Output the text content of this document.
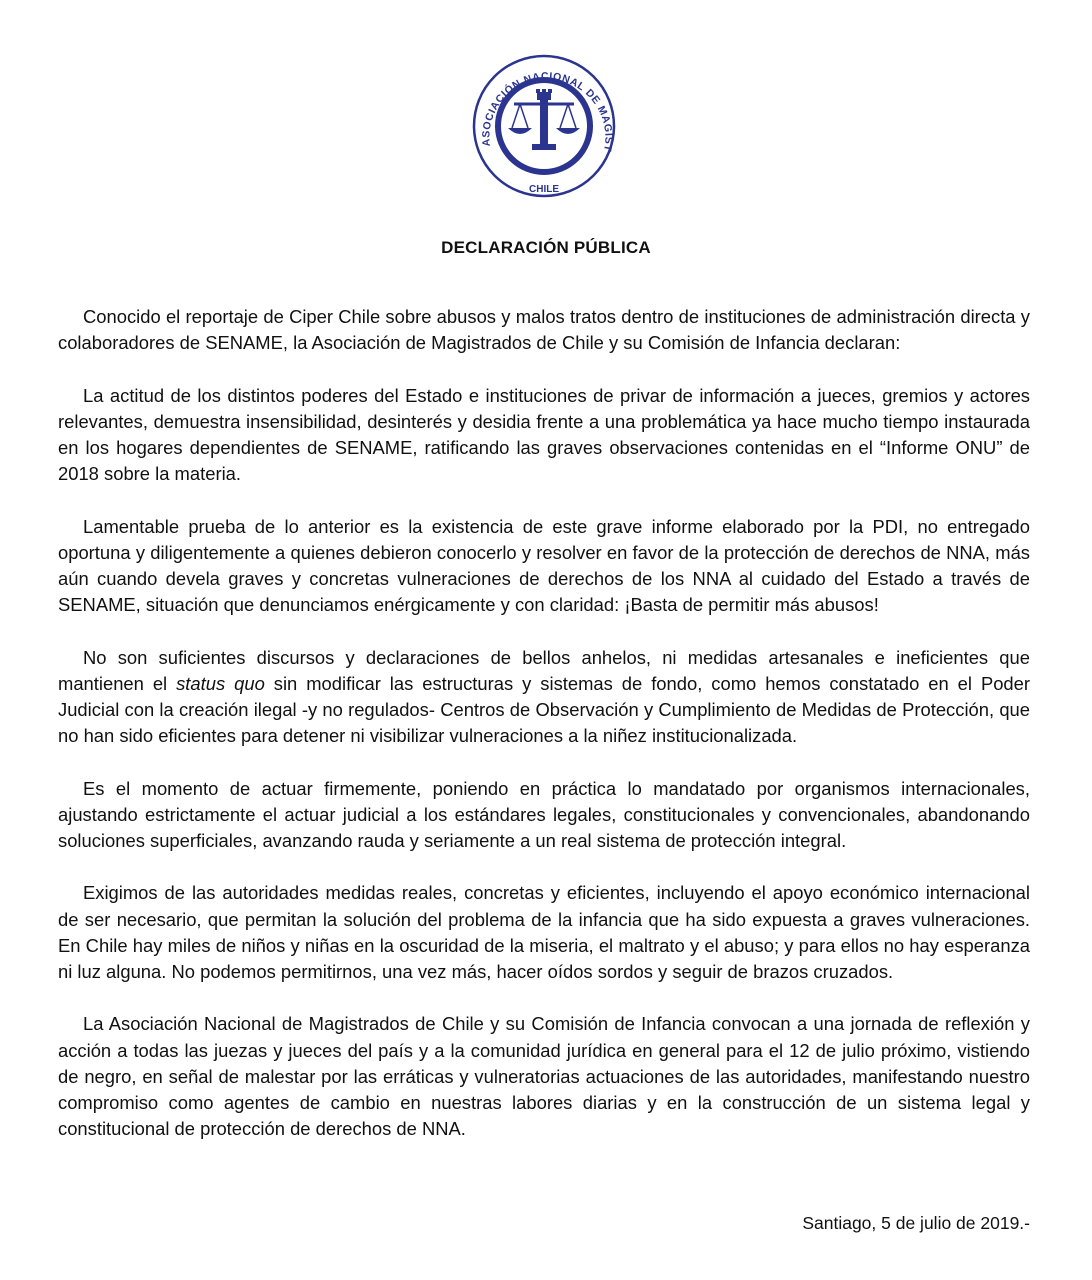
ASOCIACIÓN NACIONAL DE MAGIST
CHILE
DECLARACIÓN PÚBLICA

Conocido el reportaje de Ciper Chile sobre abusos y malos tratos dentro de instituciones de administración directa y colaboradores de SENAME, la Asociación de Magistrados de Chile y su Comisión de Infancia declaran:

La actitud de los distintos poderes del Estado e instituciones de privar de información a jueces, gremios y actores relevantes, demuestra insensibilidad, desinterés y desidia frente a una problemática ya hace mucho tiempo instaurada en los hogares dependientes de SENAME, ratificando las graves observaciones contenidas en el “Informe ONU” de 2018 sobre la materia.

Lamentable prueba de lo anterior es la existencia de este grave informe elaborado por la PDI, no entregado oportuna y diligentemente a quienes debieron conocerlo y resolver en favor de la protección de derechos de NNA, más aún cuando devela graves y concretas vulneraciones de derechos de los NNA al cuidado del Estado a través de SENAME, situación que denunciamos enérgicamente y con claridad: ¡Basta de permitir más abusos!

No son suficientes discursos y declaraciones de bellos anhelos, ni medidas artesanales e ineficientes que mantienen el status quo sin modificar las estructuras y sistemas de fondo, como hemos constatado en el Poder Judicial con la creación ilegal -y no regulados- Centros de Observación y Cumplimiento de Medidas de Protección, que no han sido eficientes para detener ni visibilizar vulneraciones a la niñez institucionalizada.

Es el momento de actuar firmemente, poniendo en práctica lo mandatado por organismos internacionales, ajustando estrictamente el actuar judicial a los estándares legales, constitucionales y convencionales, abandonando soluciones superficiales, avanzando rauda y seriamente a un real sistema de protección integral.

Exigimos de las autoridades medidas reales, concretas y eficientes, incluyendo el apoyo económico internacional de ser necesario, que permitan la solución del problema de la infancia que ha sido expuesta a graves vulneraciones. En Chile hay miles de niños y niñas en la oscuridad de la miseria, el maltrato y el abuso; y para ellos no hay esperanza ni luz alguna. No podemos permitirnos, una vez más, hacer oídos sordos y seguir de brazos cruzados.

La Asociación Nacional de Magistrados de Chile y su Comisión de Infancia convocan a una jornada de reflexión y acción a todas las juezas y jueces del país y a la comunidad jurídica en general para el 12 de julio próximo, vistiendo de negro, en señal de malestar por las erráticas y vulneratorias actuaciones de las autoridades, manifestando nuestro compromiso como agentes de cambio en nuestras labores diarias y en la construcción de un sistema legal y constitucional de protección de derechos de NNA.

Santiago, 5 de julio de 2019.-
